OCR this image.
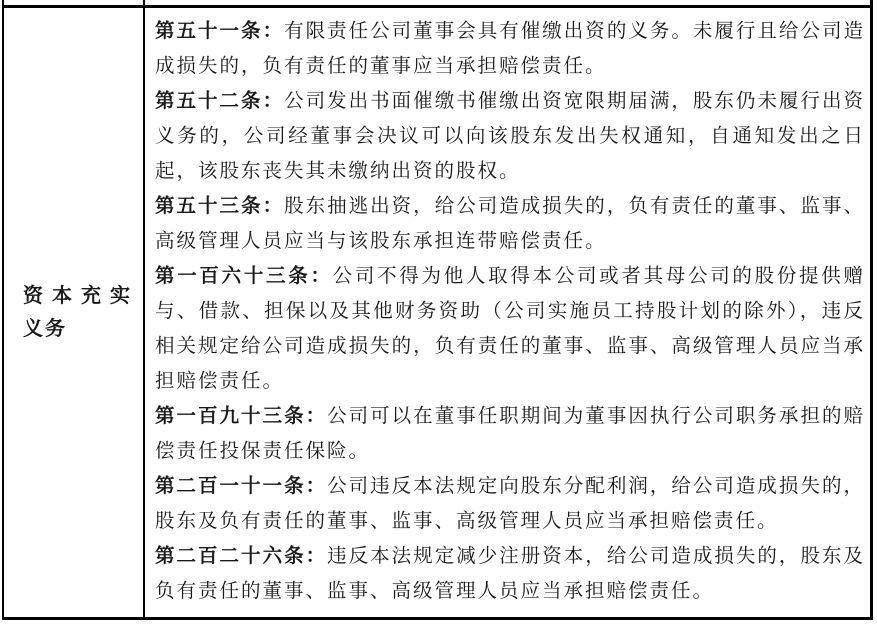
资本充实
义务

第五十一条：有限责任公司董事会具有催缴出资的义务。未履行且给公司造成损失的，负有责任的董事应当承担赔偿责任。

第五十二条：公司发出书面催缴书催缴出资宽限期届满，股东仍未履行出资义务的，公司经董事会决议可以向该股东发出失权通知，自通知发出之日起，该股东丧失其未缴纳出资的股权。

第五十三条：股东抽逃出资，给公司造成损失的，负有责任的董事、监事、高级管理人员应当与该股东承担连带赔偿责任。

第一百六十三条：公司不得为他人取得本公司或者其母公司的股份提供赠与、借款、担保以及其他财务资助（公司实施员工持股计划的除外），违反相关规定给公司造成损失的，负有责任的董事、监事、高级管理人员应当承担赔偿责任。

第一百九十三条：公司可以在董事任职期间为董事因执行公司职务承担的赔偿责任投保责任保险。

第二百一十一条：公司违反本法规定向股东分配利润，给公司造成损失的，股东及负有责任的董事、监事、高级管理人员应当承担赔偿责任。

第二百二十六条：违反本法规定减少注册资本，给公司造成损失的，股东及负有责任的董事、监事、高级管理人员应当承担赔偿责任。
